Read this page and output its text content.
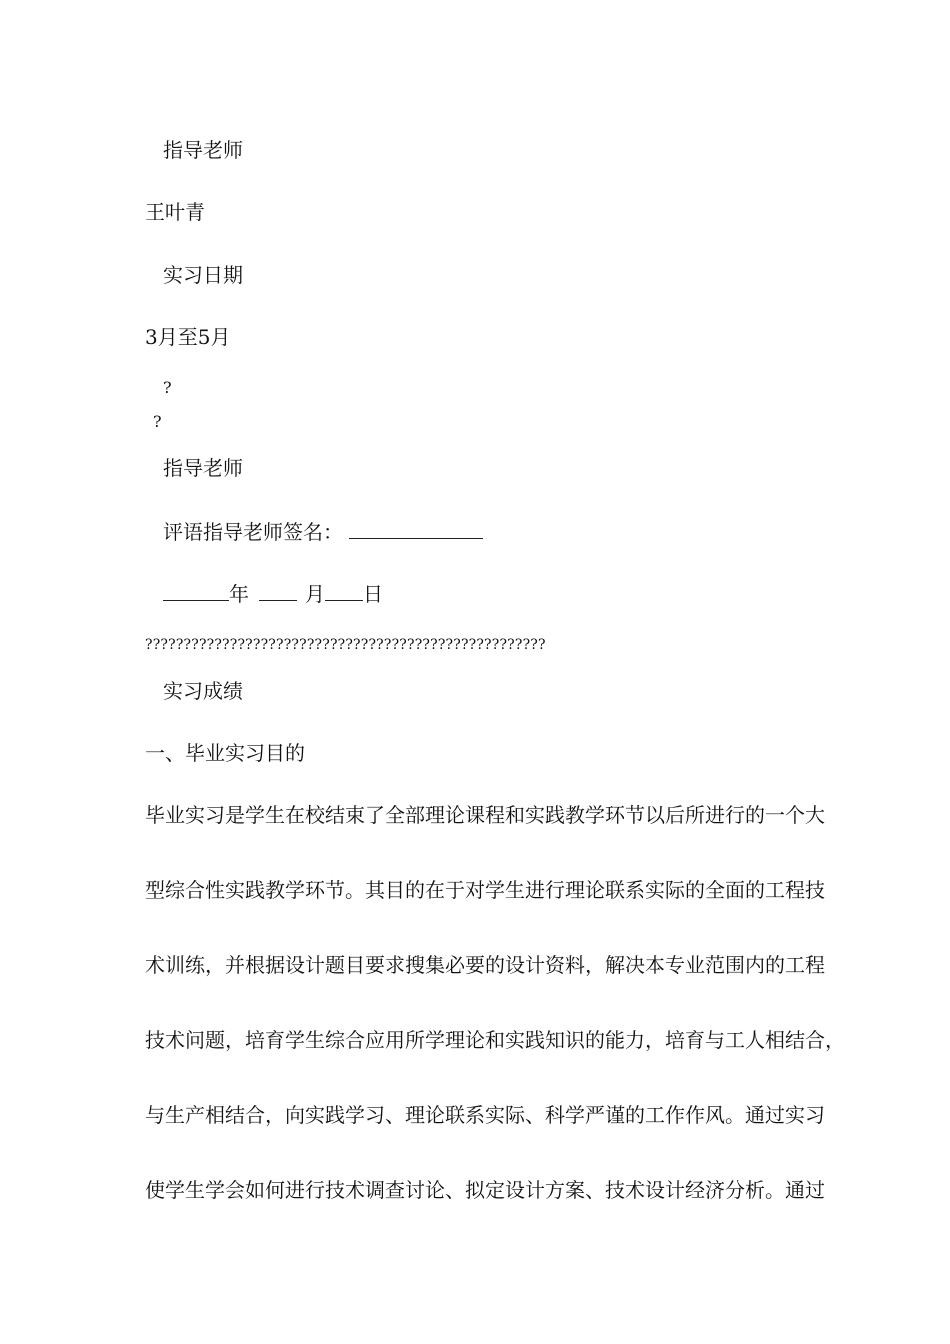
指导老师
王叶青
实习日期
3月至5月
?
?
指导老师
评语指导老师签名：
年	月 日
????????????????????????????????????????????????????
实习成绩
一、毕业实习目的

毕业实习是学生在校结束了全部理论课程和实践教学环节以后所进行的一个大

型综合性实践教学环节。其目的在于对学生进行理论联系实际的全面的工程技

术训练，并根据设计题目要求搜集必要的设计资料，解决本专业范围内的工程

技术问题，培育学生综合应用所学理论和实践知识的能力，培育与工人相结合，

与生产相结合，向实践学习、理论联系实际、科学严谨的工作作风。通过实习

使学生学会如何进行技术调查讨论、拟定设计方案、技术设计经济分析。通过
